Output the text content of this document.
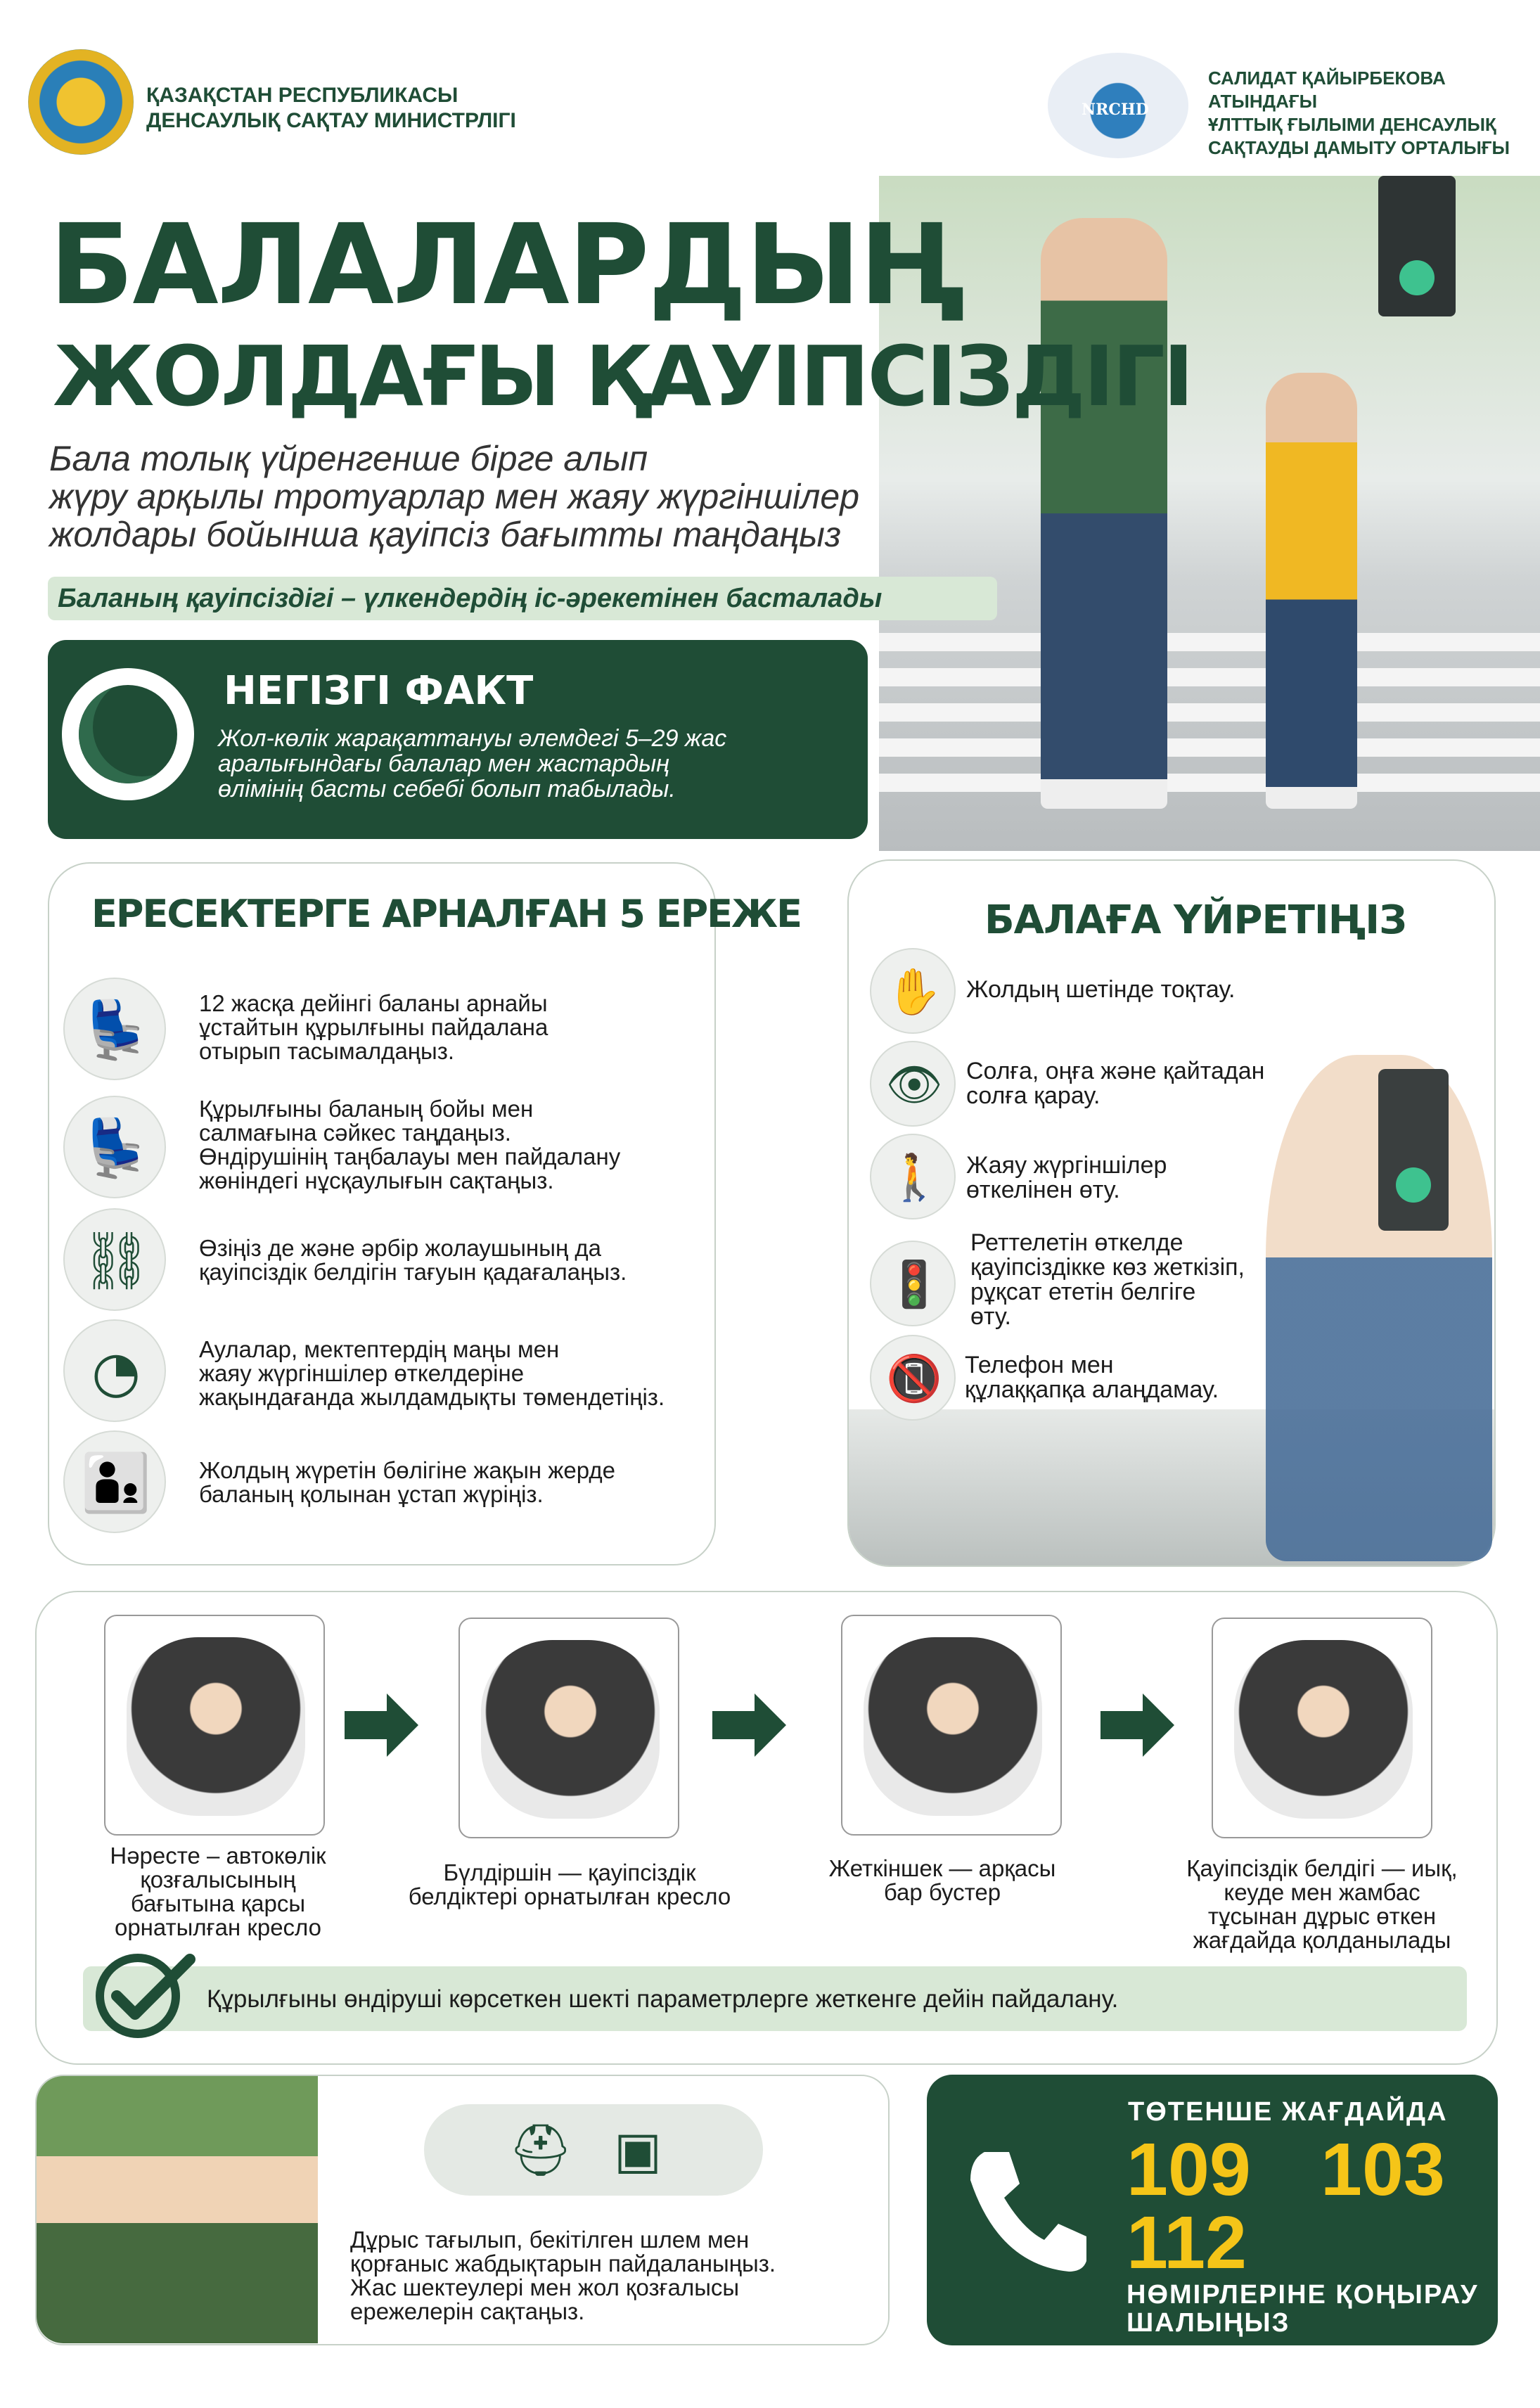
ҚАЗАҚСТАН РЕСПУБЛИКАСЫ
ДЕНСАУЛЫҚ САҚТАУ МИНИСТРЛІГІ	NRCHD
САЛИДАТ ҚАЙЫРБЕКОВА АТЫНДАҒЫ
ҰЛТТЫҚ ҒЫЛЫМИ ДЕНСАУЛЫҚ
САҚТАУДЫ ДАМЫТУ ОРТАЛЫҒЫ
БАЛАЛАРДЫҢ
ЖОЛДАҒЫ ҚАУІПСІЗДІГІ
Бала толық үйренгенше бірге алып
жүру арқылы тротуарлар мен жаяу жүргіншілер
жолдары бойынша қауіпсіз бағытты таңдаңыз
Баланың қауіпсіздігі – үлкендердің іс-әрекетінен басталады
НЕГІЗГІ ФАКТ
Жол-көлік жарақаттануы әлемдегі 5–29 жас
аралығындағы балалар мен жастардың
өлімінің басты себебі болып табылады.
ЕРЕСЕКТЕРГЕ АРНАЛҒАН 5 ЕРЕЖЕ
💺	12 жасқа дейінгі баланы арнайы
ұстайтын құрылғыны пайдалана
отырып тасымалдаңыз.
💺
Құрылғыны баланың бойы мен
салмағына сәйкес таңдаңыз.
Өндірушінің таңбалауы мен пайдалану
жөніндегі нұсқаулығын сақтаңыз.
⛓	Өзіңіз де және әрбір жолаушының да
қауіпсіздік белдігін тағуын қадағалаңыз.
◔	Аулалар, мектептердің маңы мен
жаяу жүргіншілер өткелдеріне
жақындағанда жылдамдықты төмендетіңіз.
👨‍👦	Жолдың жүретін бөлігіне жақын жерде
баланың қолынан ұстап жүріңіз.
БАЛАҒА ҮЙРЕТІҢІЗ
✋	Жолдың шетінде тоқтау.
👁 Солға, оңға және қайтадан
солға қарау.
🚶	Жаяу жүргіншілер
өткелінен өту.
🚦
Реттелетін өткелде
қауіпсіздікке көз жеткізіп,
рұқсат ететін белгіге
өту.
📵 Телефон мен
құлаққапқа алаңдамау.
Нәресте – автокөлік
қозғалысының
бағытына қарсы
орнатылған кресло
Бүлдіршін — қауіпсіздік
белдіктері орнатылған кресло
Жеткіншек — арқасы
бар бустер
Қауіпсіздік белдігі — иық,
кеуде мен жамбас
тұсынан дұрыс өткен
жағдайда қолданылады
Құрылғыны өндіруші көрсеткен шекті параметрлерге жеткенге дейін пайдалану.
⛑ ▣
Дұрыс тағылып, бекітілген шлем мен
қорғаныс жабдықтарын пайдаланыңыз.
Жас шектеулері мен жол қозғалысы
ережелерін сақтаңыз.
ТӨТЕНШЕ ЖАҒДАЙДА
109 103
112
НӨМІРЛЕРІНЕ ҚОҢЫРАУ
ШАЛЫҢЫЗ
